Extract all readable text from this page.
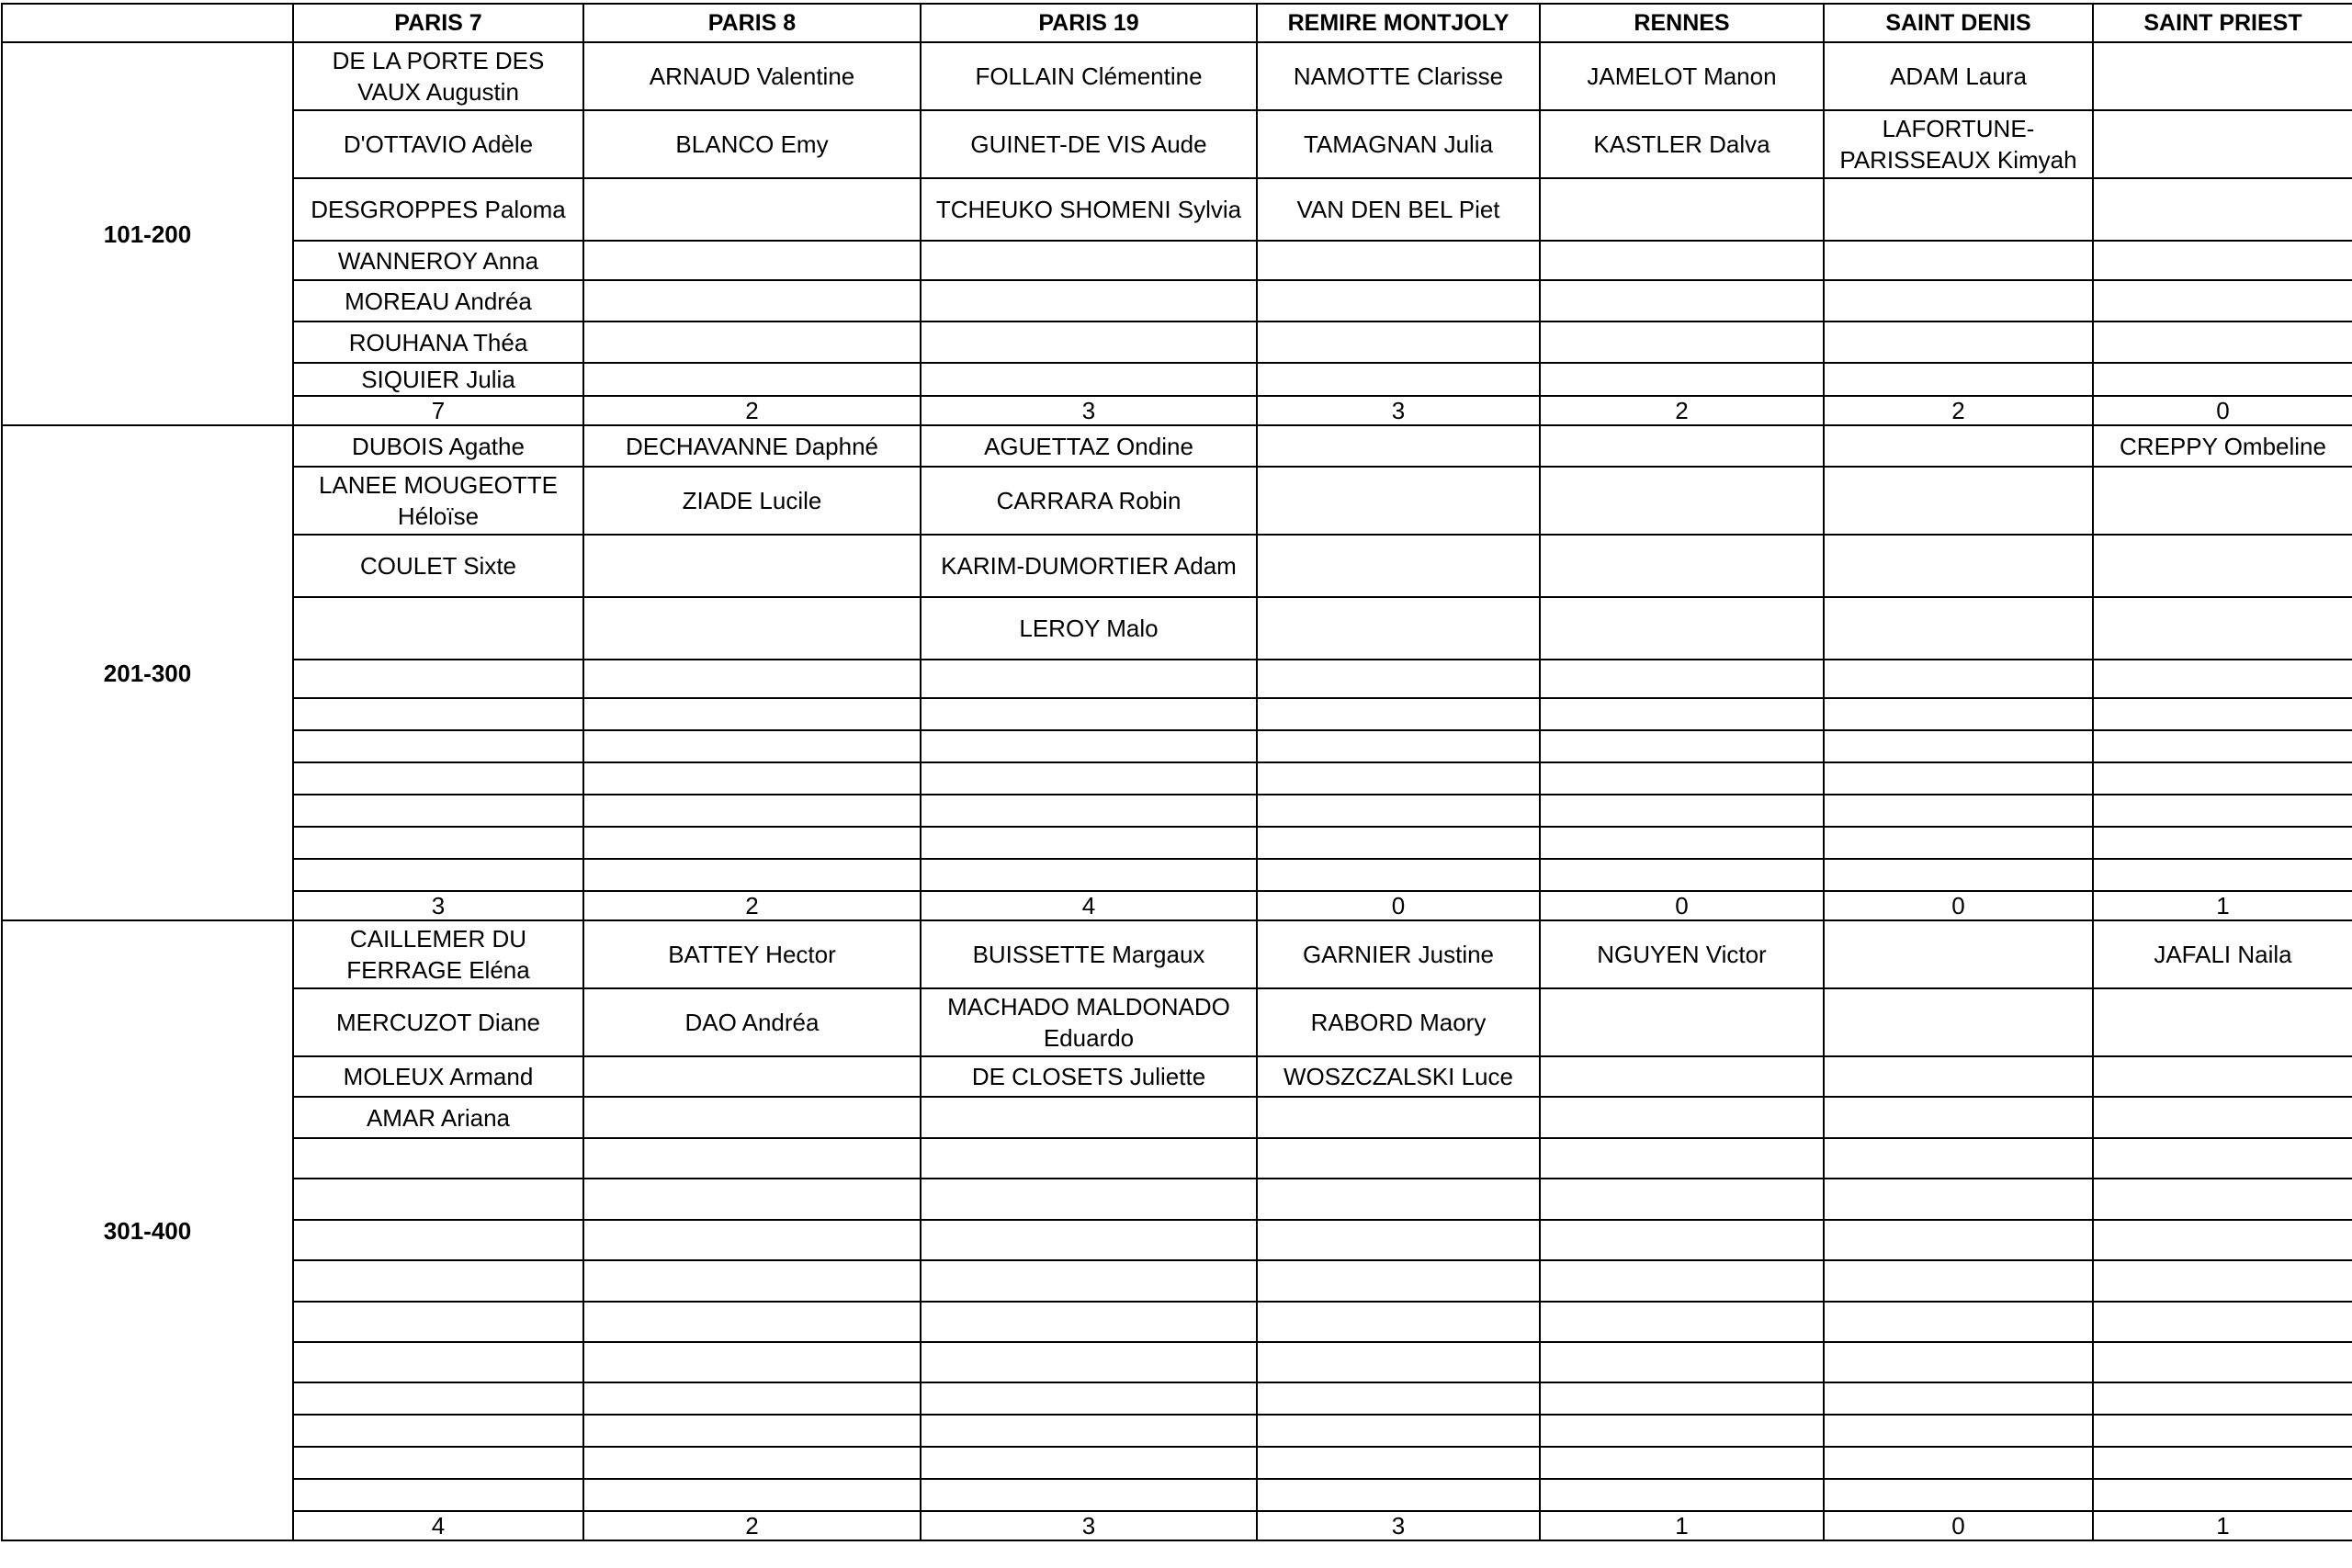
	PARIS 7	PARIS 8	PARIS 19	REMIRE MONTJOLY	RENNES	SAINT DENIS	SAINT PRIEST
101-200	DE LA PORTE DES VAUX Augustin	ARNAUD Valentine	FOLLAIN Clémentine	NAMOTTE Clarisse	JAMELOT Manon	ADAM Laura	
	D'OTTAVIO Adèle	BLANCO Emy	GUINET-DE VIS Aude	TAMAGNAN Julia	KASTLER Dalva	LAFORTUNE-PARISSEAUX Kimyah	
	DESGROPPES Paloma		TCHEUKO SHOMENI Sylvia	VAN DEN BEL Piet			
	WANNEROY Anna						
	MOREAU Andréa						
	ROUHANA Théa						
	SIQUIER Julia						
	7	2	3	3	2	2	0
201-300	DUBOIS Agathe	DECHAVANNE Daphné	AGUETTAZ Ondine				CREPPY Ombeline
	LANEE MOUGEOTTE Héloïse	ZIADE Lucile	CARRARA Robin				
	COULET Sixte		KARIM-DUMORTIER Adam				
			LEROY Malo				

	3	2	4	0	0	0	1
301-400	CAILLEMER DU FERRAGE Eléna	BATTEY Hector	BUISSETTE Margaux	GARNIER Justine	NGUYEN Victor		JAFALI Naila
	MERCUZOT Diane	DAO Andréa	MACHADO MALDONADO Eduardo	RABORD Maory			
	MOLEUX Armand		DE CLOSETS Juliette	WOSZCZALSKI Luce			
	AMAR Ariana						

	4	2	3	3	1	0	1
